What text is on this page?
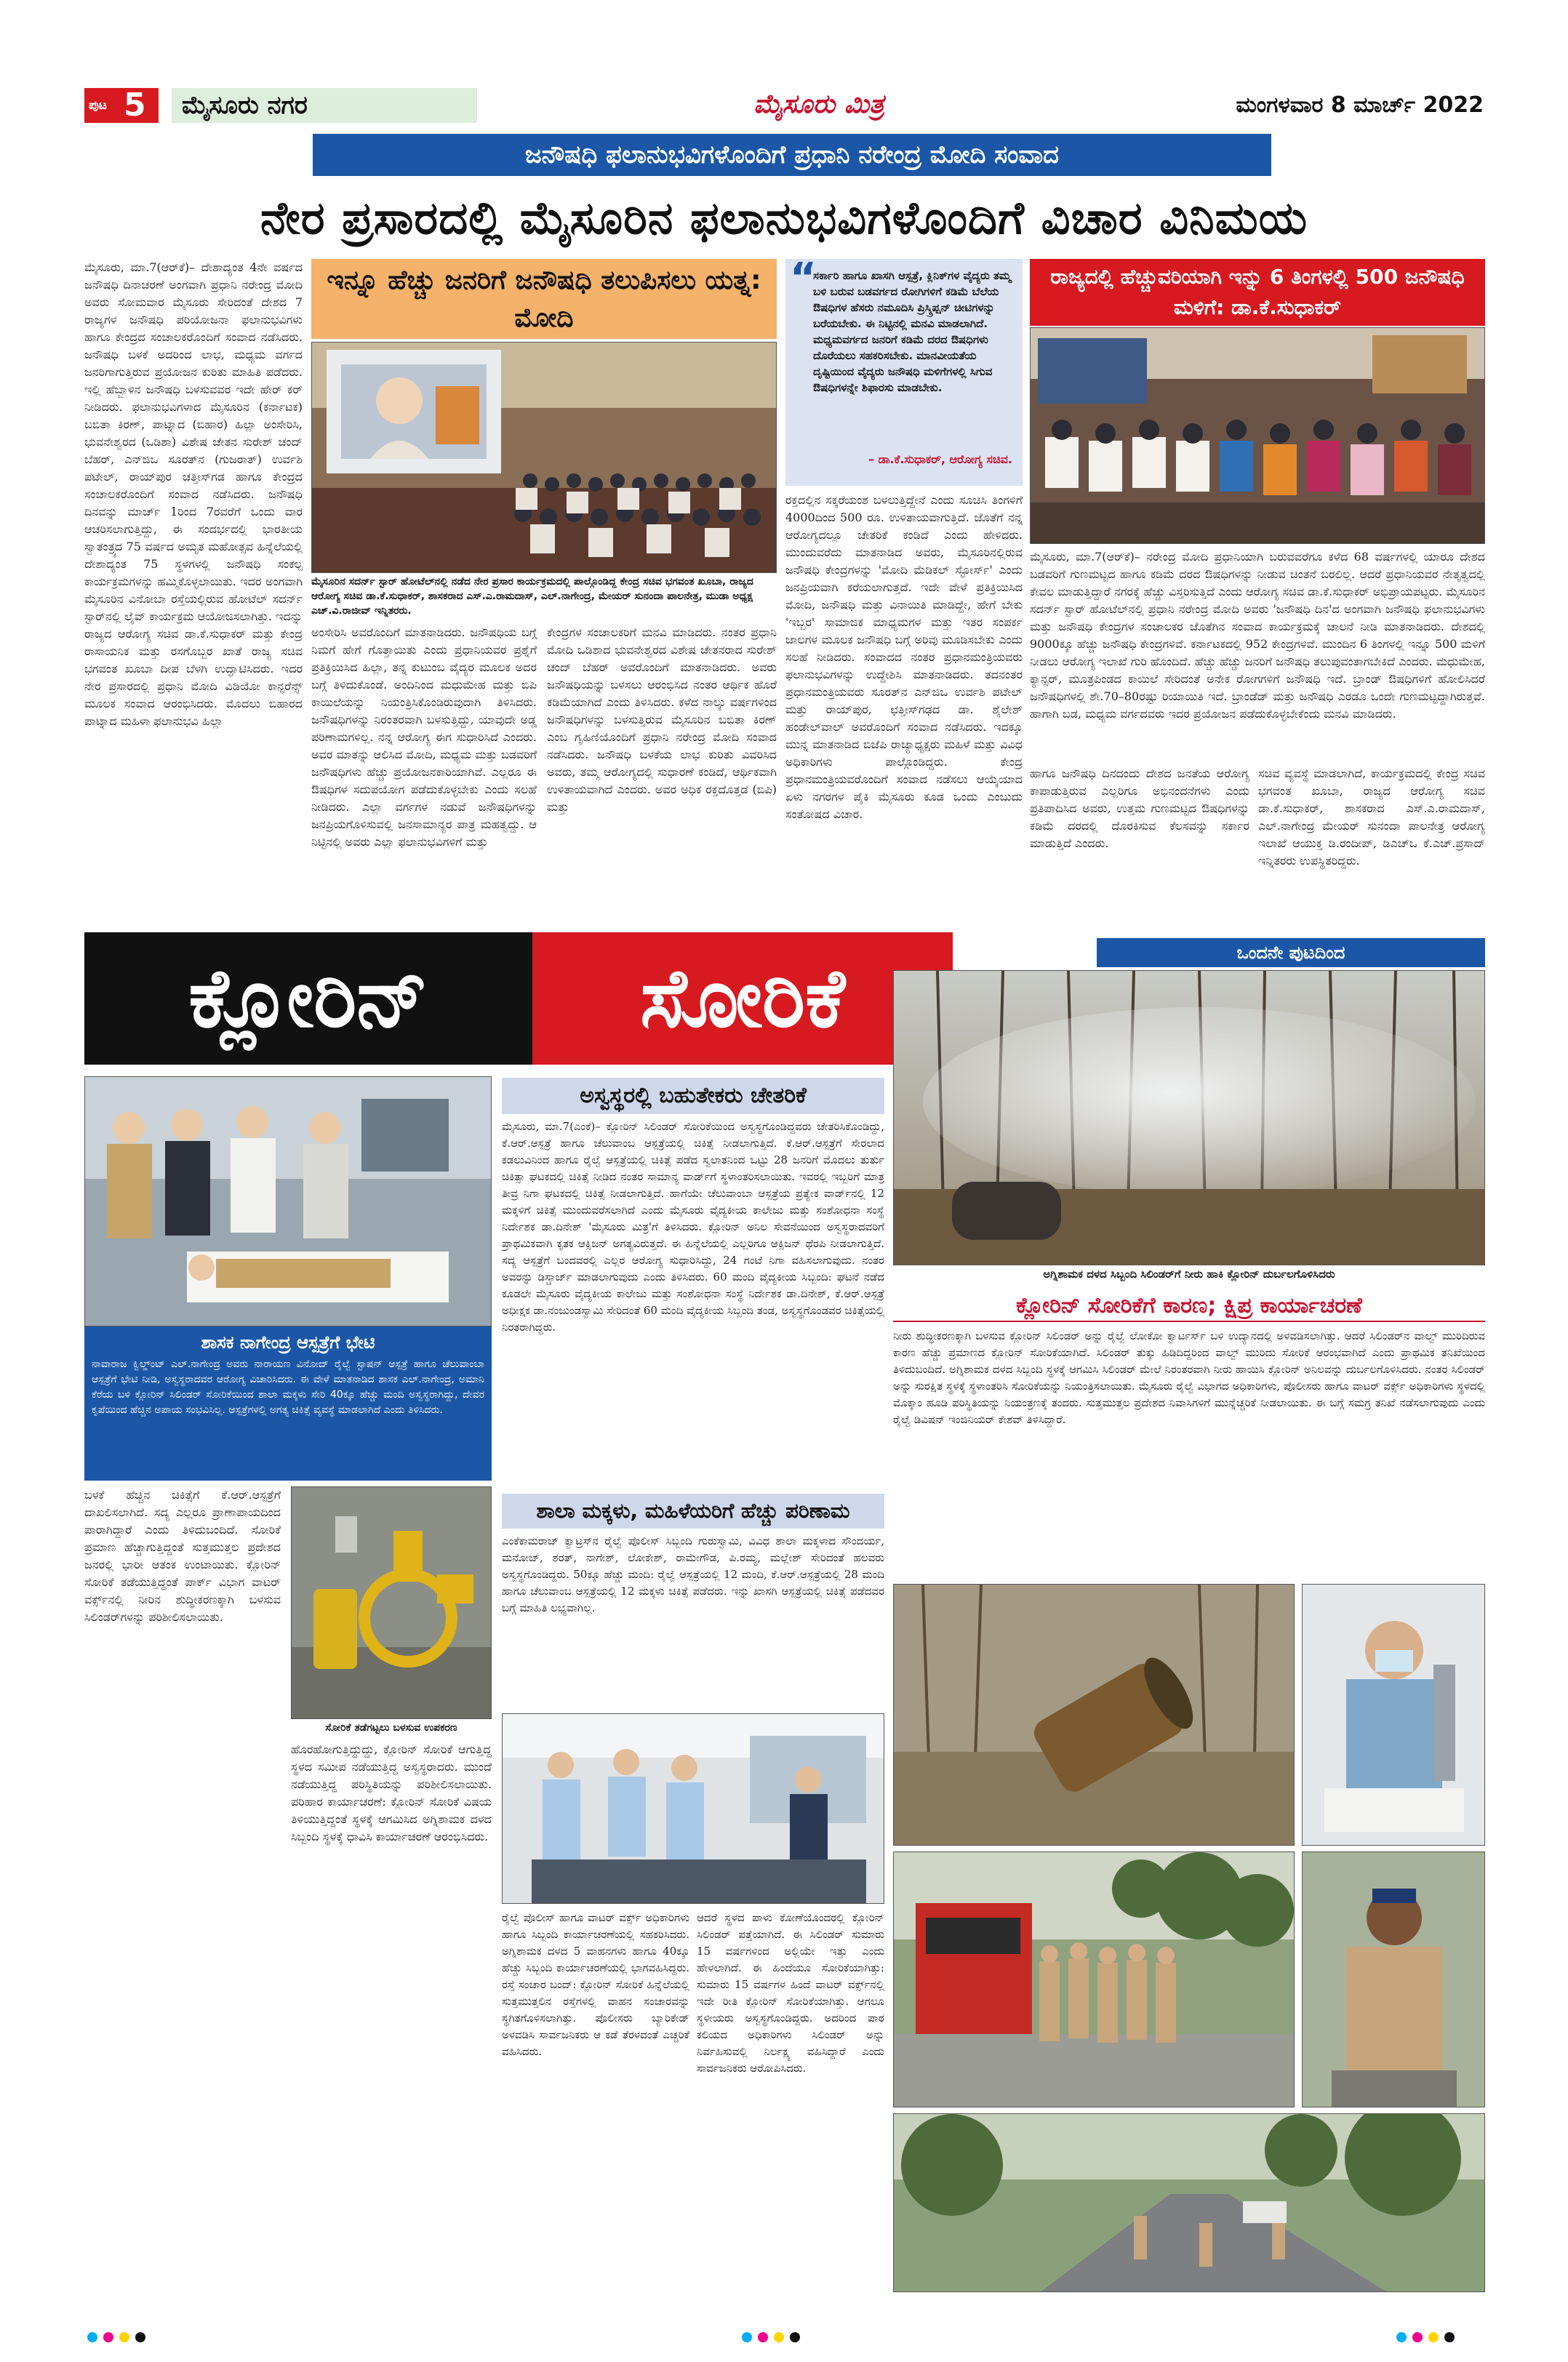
ಪುಟ 5	ಮೈಸೂರು ನಗರ	ಮೈಸೂರು ಮಿತ್ರ	ಮಂಗಳವಾರ 8 ಮಾರ್ಚ್ 2022
ಜನೌಷಧಿ ಫಲಾನುಭವಿಗಳೊಂದಿಗೆ ಪ್ರಧಾನಿ ನರೇಂದ್ರ ಮೋದಿ ಸಂವಾದ
ನೇರ ಪ್ರಸಾರದಲ್ಲಿ ಮೈಸೂರಿನ ಫಲಾನುಭವಿಗಳೊಂದಿಗೆ ವಿಚಾರ ವಿನಿಮಯ
ಮೈಸೂರು, ಮಾ.7(ಆರ್‌ಕೆ)– ದೇಶಾದ್ಯಂತ 4ನೇ ವರ್ಷದ ಜನೌಷಧಿ ದಿನಾಚರಣೆ ಅಂಗವಾಗಿ ಪ್ರಧಾನಿ ನರೇಂದ್ರ ಮೋದಿ ಅವರು ಸೋಮವಾರ ಮೈಸೂರು ಸೇರಿದಂತೆ ದೇಶದ 7 ರಾಜ್ಯಗಳ ಜನೌಷಧಿ ಪರಿಯೋಜನಾ ಫಲಾನುಭವಿಗಳು ಹಾಗೂ ಕೇಂದ್ರದ ಸಂಚಾಲಕರೊಂದಿಗೆ ಸಂವಾದ ನಡೆಸಿದರು. ಜನೌಷಧಿ ಬಳಕೆ ಅದರಿಂದ ಲಾಭ, ಮಧ್ಯಮ ವರ್ಗದ ಜನರಿಗಾಗುತ್ತಿರುವ ಪ್ರಯೋಜನ ಕುರಿತು ಮಾಹಿತಿ ಪಡೆದರು. ಇಲ್ಲಿ ಹೆಬ್ಬಾಳಿನ ಜನೌಷಧಿ ಬಳಸುವವರ ಇದೇ ಹೇರ್ ಕರ್ ನೀಡಿದರು. ಫಲಾನುಭವಿಗಳಾದ ಮೈಸೂರಿನ (ಕರ್ನಾಟಕ) ಬಬಿತಾ ಕಿರಣ್, ಪಾಟ್ನಾದ (ಬಿಹಾರ) ಹಿಲ್ಲಾ ಅಂಸೇರಿಸಿ, ಭುವನೇಶ್ವರದ (ಒಡಿಶಾ) ವಿಶೇಷ ಚೇತನ ಸುರೇಶ್ ಚಂದ್ ಬೆಹರ್, ಎನ್‌ಜಿಒ ಸೂರತ್‌ನ (ಗುಜರಾತ್) ಉರ್ವಶಿ ಪಟೇಲ್, ರಾಯ್‌ಪುರ ಚತ್ತೀಸ್‌ಗಡ ಹಾಗೂ ಕೇಂದ್ರದ ಸಂಚಾಲಕರೊಂದಿಗೆ ಸಂವಾದ ನಡೆಸಿದರು. ಜನೌಷಧಿ ದಿನವನ್ನು ಮಾರ್ಚ್ 1ರಿಂದ 7ರವರೆಗೆ ಒಂದು ವಾರ ಆಚರಿಸಲಾಗುತ್ತಿದ್ದು, ಈ ಸಂದರ್ಭದಲ್ಲಿ ಭಾರತೀಯ ಸ್ವಾತಂತ್ರ್ಯದ 75 ವರ್ಷದ ಅಮೃತ ಮಹೋತ್ಸವ ಹಿನ್ನೆಲೆಯಲ್ಲಿ ದೇಶಾದ್ಯಂತ 75 ಸ್ಥಳಗಳಲ್ಲಿ ಜನೌಷಧಿ ಸಂಕಲ್ಪ ಕಾರ್ಯಕ್ರಮಗಳನ್ನು ಹಮ್ಮಿಕೊಳ್ಳಲಾಯಿತು. ಇದರ ಅಂಗವಾಗಿ ಮೈಸೂರಿನ ವಿನೋಬಾ ರಸ್ತೆಯಲ್ಲಿರುವ ಹೋಟೆಲ್ ಸದರ್ನ್ ಸ್ಟಾರ್‌ನಲ್ಲಿ ಲೈವ್ ಕಾರ್ಯಕ್ರಮ ಆಯೋಜಿಸಲಾಗಿತ್ತು. ಇದನ್ನು ರಾಜ್ಯದ ಆರೋಗ್ಯ ಸಚಿವ ಡಾ.ಕೆ.ಸುಧಾಕರ್ ಮತ್ತು ಕೇಂದ್ರ ರಾಸಾಯನಿಕ ಮತ್ತು ರಸಗೊಬ್ಬರ ಖಾತೆ ರಾಜ್ಯ ಸಚಿವ ಭಗವಂತ ಖೂಬಾ ದೀಪ ಬೆಳಗಿ ಉದ್ಘಾಟಿಸಿದರು. ಇದರ ನೇರ ಪ್ರಸಾರದಲ್ಲಿ ಪ್ರಧಾನಿ ಮೋದಿ ವಿಡಿಯೋ ಕಾನ್ಫರೆನ್ಸ್ ಮೂಲಕ ಸಂವಾದ ಆರಂಭಿಸಿದರು. ಮೊದಲು ಬಿಹಾರದ ಪಾಟ್ನಾದ ಮಹಿಳಾ ಫಲಾನುಭವಿ ಹಿಲ್ಲಾ
ಇನ್ನೂ ಹೆಚ್ಚು ಜನರಿಗೆ ಜನೌಷಧಿ ತಲುಪಿಸಲು ಯತ್ನ: ಮೋದಿ
ಮೈಸೂರಿನ ಸದರ್ನ್ ಸ್ಟಾರ್ ಹೋಟೆಲ್‌ನಲ್ಲಿ ನಡೆದ ನೇರ ಪ್ರಸಾರ ಕಾರ್ಯಕ್ರಮದಲ್ಲಿ ಪಾಲ್ಗೊಂಡಿದ್ದ ಕೇಂದ್ರ ಸಚಿವ ಭಗವಂತ ಖೂಬಾ, ರಾಜ್ಯದ ಆರೋಗ್ಯ ಸಚಿವ ಡಾ.ಕೆ.ಸುಧಾಕರ್, ಶಾಸಕರಾದ ಎಸ್.ಎ.ರಾಮದಾಸ್, ಎಲ್.ನಾಗೇಂದ್ರ, ಮೇಯರ್ ಸುನಂದಾ ಪಾಲನೇತ್ರ, ಮುಡಾ ಅಧ್ಯಕ್ಷ ಎಚ್.ವಿ.ರಾಜೀವ್ ಇನ್ನಿತರರು.
ಅಂಸೇರಿಸಿ ಅವರೊಂದಿಗೆ ಮಾತನಾಡಿದರು. ಜನೌಷಧಿಯ ಬಗ್ಗೆ ನಿಮಗೆ ಹೇಗೆ ಗೊತ್ತಾಯಿತು ಎಂದು ಪ್ರಧಾನಿಯವರ ಪ್ರಶ್ನೆಗೆ ಪ್ರತಿಕ್ರಿಯಿಸಿದ ಹಿಲ್ಲಾ, ತನ್ನ ಕುಟುಂಬ ವೈದ್ಯರ ಮೂಲಕ ಅದರ ಬಗ್ಗೆ ತಿಳಿದುಕೊಂಡೆ. ಅಂದಿನಿಂದ ಮಧುಮೇಹ ಮತ್ತು ಬಿಪಿ ಕಾಯಿಲೆಯನ್ನು ನಿಯಂತ್ರಿಸಿಕೊಂಡಿರುವುದಾಗಿ ತಿಳಿಸಿದರು. ಜನೌಷಧಿಗಳನ್ನು ನಿರಂತರವಾಗಿ ಬಳಸುತ್ತಿದ್ದು, ಯಾವುದೇ ಅಡ್ಡ ಪರಿಣಾಮಗಳಿಲ್ಲ. ನನ್ನ ಆರೋಗ್ಯ ಈಗ ಸುಧಾರಿಸಿದೆ ಎಂದರು. ಅವರ ಮಾತನ್ನು ಆಲಿಸಿದ ಮೋದಿ, ಮಧ್ಯಮ ಮತ್ತು ಬಡವರಿಗೆ ಜನೌಷಧಿಗಳು ಹೆಚ್ಚು ಪ್ರಯೋಜನಕಾರಿಯಾಗಿವೆ. ಎಲ್ಲರೂ ಈ ಔಷಧಿಗಳ ಸದುಪಯೋಗ ಪಡೆದುಕೊಳ್ಳಬೇಕು ಎಂದು ಸಲಹೆ ನೀಡಿದರು. ಎಲ್ಲಾ ವರ್ಗಗಳ ನಡುವೆ ಜನೌಷಧಿಗಳನ್ನು ಜನಪ್ರಿಯಗೊಳಿಸುವಲ್ಲಿ ಜನಸಾಮಾನ್ಯರ ಪಾತ್ರ ಮಹತ್ವದ್ದು. ಆ ನಿಟ್ಟಿನಲ್ಲಿ ಅವರು ಎಲ್ಲಾ ಫಲಾನುಭವಿಗಳಿಗೆ ಮತ್ತು
ಕೇಂದ್ರಗಳ ಸಂಚಾಲಕರಿಗೆ ಮನವಿ ಮಾಡಿದರು. ನಂತರ ಪ್ರಧಾನಿ ಮೋದಿ ಒಡಿಶಾದ ಭುವನೇಶ್ವರದ ವಿಶೇಷ ಚೇತನರಾದ ಸುರೇಶ್ ಚಂದ್ ಬೆಹರ್ ಅವರೊಂದಿಗೆ ಮಾತನಾಡಿದರು. ಅವರು ಜನೌಷಧಿಯನ್ನು ಬಳಸಲು ಆರಂಭಿಸಿದ ನಂತರ ಆರ್ಥಿಕ ಹೊರೆ ಕಡಿಮೆಯಾಗಿದೆ ಎಂದು ತಿಳಿಸಿದರು. ಕಳೆದ ನಾಲ್ಕು ವರ್ಷಗಳಿಂದ ಜನೌಷಧಿಗಳನ್ನು ಬಳಸುತ್ತಿರುವ ಮೈಸೂರಿನ ಬಬಿತಾ ಕಿರಣ್ ಎಂಬ ಗೃಹಿಣಿಯೊಂದಿಗೆ ಪ್ರಧಾನಿ ನರೇಂದ್ರ ಮೋದಿ ಸಂವಾದ ನಡೆಸಿದರು. ಜನೌಷಧಿ ಬಳಕೆಯ ಲಾಭ ಕುರಿತು ವಿವರಿಸಿದ ಅವರು, ತಮ್ಮ ಆರೋಗ್ಯದಲ್ಲಿ ಸುಧಾರಣೆ ಕಂಡಿದೆ, ಆರ್ಥಿಕವಾಗಿ ಉಳಿತಾಯವಾಗಿದೆ ಎಂದರು. ಅವರ ಅಧಿಕ ರಕ್ತದೊತ್ತಡ (ಬಿಪಿ) ಮತ್ತು
“
ಸರ್ಕಾರಿ ಹಾಗೂ ಖಾಸಗಿ ಆಸ್ಪತ್ರೆ, ಕ್ಲಿನಿಕ್‌ಗಳ ವೈದ್ಯರು ತಮ್ಮ ಬಳಿ ಬರುವ ಬಡವರ್ಗದ ರೋಗಿಗಳಿಗೆ ಕಡಿಮೆ ಬೆಲೆಯ ಔಷಧಿಗಳ ಹೆಸರು ನಮೂದಿಸಿ ಪ್ರಿಸ್ಕ್ರಿಪ್ಷನ್ ಚೀಟಿಗಳನ್ನು ಬರೆಯಬೇಕು. ಈ ನಿಟ್ಟಿನಲ್ಲಿ ಮನವಿ ಮಾಡಲಾಗಿದೆ. ಮಧ್ಯಮವರ್ಗದ ಜನರಿಗೆ ಕಡಿಮೆ ದರದ ಔಷಧಿಗಳು ದೊರೆಯಲು ಸಹಕರಿಸಬೇಕು. ಮಾನವೀಯತೆಯ ದೃಷ್ಟಿಯಿಂದ ವೈದ್ಯರು ಜನೌಷಧಿ ಮಳಿಗೆಗಳಲ್ಲಿ ಸಿಗುವ ಔಷಧಿಗಳನ್ನೇ ಶಿಫಾರಸು ಮಾಡಬೇಕು.
– ಡಾ.ಕೆ.ಸುಧಾಕರ್, ಆರೋಗ್ಯ ಸಚಿವ.
ರಕ್ತದಲ್ಲಿನ ಸಕ್ಕರೆಯಂಶ ಬಳಲುತ್ತಿದ್ದೇನೆ ಎಂದು ಸೂಚಿಸಿ ತಿಂಗಳಿಗೆ 4000ದಿಂದ 500 ರೂ. ಉಳಿತಾಯವಾಗುತ್ತಿದೆ. ಜೊತೆಗೆ ನನ್ನ ಆರೋಗ್ಯದಲ್ಲೂ ಚೇತರಿಕೆ ಕಂಡಿದೆ ಎಂದು ಹೇಳಿದರು. ಮುಂದುವರೆದು ಮಾತನಾಡಿದ ಅವರು, ಮೈಸೂರಿನಲ್ಲಿರುವ ಜನೌಷಧಿ ಕೇಂದ್ರಗಳನ್ನು 'ಮೋದಿ ಮೆಡಿಕಲ್ ಸ್ಟೋರ್ಸ್' ಎಂದು ಜನಪ್ರಿಯವಾಗಿ ಕರೆಯಲಾಗುತ್ತದೆ. ಇದೇ ವೇಳೆ ಪ್ರತಿಕ್ರಿಯಿಸಿದ ಮೋದಿ, ಜನೌಷಧಿ ಮತ್ತು ವಿನಾಯಿತಿ ಮಾಡಿದ್ದೇ, ಹೇಗೆ ಬೇಕು 'ಇಬ್ಬರ' ಸಾಮಾಜಿಕ ಮಾಧ್ಯಮಗಳ ಮತ್ತು ಇತರ ಸಂಪರ್ಕ ಜಾಲಗಳ ಮೂಲಕ ಜನೌಷಧಿ ಬಗ್ಗೆ ಅರಿವು ಮೂಡಿಸಬೇಕು ಎಂದು ಸಲಹೆ ನೀಡಿದರು. ಸಂವಾದದ ನಂತರ ಪ್ರಧಾನಮಂತ್ರಿಯವರು ಫಲಾನುಭವಿಗಳನ್ನು ಉದ್ದೇಶಿಸಿ ಮಾತನಾಡಿದರು. ತದನಂತರ ಪ್ರಧಾನಮಂತ್ರಿಯವರು ಸೂರತ್‌ನ ಎನ್‌ಜಿಒ ಉರ್ವಶಿ ಪಟೇಲ್ ಮತ್ತು ರಾಯ್‌ಪುರ, ಛತ್ತೀಸ್‌ಗಢದ ಡಾ. ಶೈಲೇಶ್ ಹಂಡೇಲ್‌ವಾಲ್ ಅವರೊಂದಿಗೆ ಸಂವಾದ ನಡೆಸಿದರು. ಇದಕ್ಕೂ ಮುನ್ನ ಮಾತನಾಡಿದ ಬಿಜೆಪಿ ರಾಜ್ಯಾಧ್ಯಕ್ಷರು ಮಹಿಳೆ ಮತ್ತು ವಿವಿಧ ಅಧಿಕಾರಿಗಳು ಪಾಲ್ಗೊಂಡಿದ್ದರು. ಕೇಂದ್ರ ಪ್ರಧಾನಮಂತ್ರಿಯವರೊಂದಿಗೆ ಸಂವಾದ ನಡೆಸಲು ಆಯ್ಕೆಯಾದ ಏಳು ನಗರಗಳ ಪೈಕಿ ಮೈಸೂರು ಕೂಡ ಒಂದು ಎಂಬುದು ಸಂತೋಷದ ವಿಚಾರ.
ರಾಜ್ಯದಲ್ಲಿ ಹೆಚ್ಚುವರಿಯಾಗಿ ಇನ್ನು 6 ತಿಂಗಳಲ್ಲಿ 500 ಜನೌಷಧಿ ಮಳಿಗೆ: ಡಾ.ಕೆ.ಸುಧಾಕರ್
ಮೈಸೂರು, ಮಾ.7(ಆರ್‌ಕೆ)– ನರೇಂದ್ರ ಮೋದಿ ಪ್ರಧಾನಿಯಾಗಿ ಬರುವವರೆಗೂ ಕಳೆದ 68 ವರ್ಷಗಳಲ್ಲಿ ಯಾರೂ ದೇಶದ ಬಡವರಿಗೆ ಗುಣಮಟ್ಟದ ಹಾಗೂ ಕಡಿಮೆ ದರದ ಔಷಧಿಗಳನ್ನು ನೀಡುವ ಚಿಂತನೆ ಬರಲಿಲ್ಲ. ಆದರೆ ಪ್ರಧಾನಿಯವರ ನೇತೃತ್ವದಲ್ಲಿ ಕೇವಲ ಮಾಡುತ್ತಿದ್ದಾರೆ ನಗರಕ್ಕೆ ಹೆಚ್ಚು ವಿಸ್ತರಿಸುತ್ತಿದೆ ಎಂದು ಆರೋಗ್ಯ ಸಚಿವ ಡಾ.ಕೆ.ಸುಧಾಕರ್ ಅಭಿಪ್ರಾಯಪಟ್ಟರು. ಮೈಸೂರಿನ ಸದರ್ನ್ ಸ್ಟಾರ್ ಹೋಟೆಲ್‌ನಲ್ಲಿ ಪ್ರಧಾನಿ ನರೇಂದ್ರ ಮೋದಿ ಅವರು 'ಜನೌಷಧಿ ದಿನ'ದ ಅಂಗವಾಗಿ ಜನೌಷಧಿ ಫಲಾನುಭವಿಗಳು ಮತ್ತು ಜನೌಷಧಿ ಕೇಂದ್ರಗಳ ಸಂಚಾಲಕರ ಜೊತೆಗಿನ ಸಂವಾದ ಕಾರ್ಯಕ್ರಮಕ್ಕೆ ಚಾಲನೆ ನೀಡಿ ಮಾತನಾಡಿದರು. ದೇಶದಲ್ಲಿ 9000ಕ್ಕೂ ಹೆಚ್ಚು ಜನೌಷಧಿ ಕೇಂದ್ರಗಳಿವೆ. ಕರ್ನಾಟಕದಲ್ಲಿ 952 ಕೇಂದ್ರಗಳಿವೆ. ಮುಂದಿನ 6 ತಿಂಗಳಲ್ಲಿ ಇನ್ನೂ 500 ಮಳಿಗೆ ನೀಡಲು ಆರೋಗ್ಯ ಇಲಾಖೆ ಗುರಿ ಹೊಂದಿದೆ. ಹೆಚ್ಚು ಹೆಚ್ಚು ಜನರಿಗೆ ಜನೌಷಧಿ ತಲುಪುವಂತಾಗಬೇಕಿದೆ ಎಂದರು. ಮಧುಮೇಹ, ಕ್ಯಾನ್ಸರ್, ಮೂತ್ರಪಿಂಡದ ಕಾಯಿಲೆ ಸೇರಿದಂತೆ ಅನೇಕ ರೋಗಗಳಿಗೆ ಜನೌಷಧಿ ಇದೆ. ಬ್ರಾಂಡ್ ಔಷಧಿಗಳಿಗೆ ಹೋಲಿಸಿದರೆ ಜನೌಷಧಿಗಳಲ್ಲಿ ಶೇ.70–80ರಷ್ಟು ರಿಯಾಯಿತಿ ಇದೆ. ಬ್ರಾಂಡೆಡ್ ಮತ್ತು ಜನೌಷಧಿ ಎರಡೂ ಒಂದೇ ಗುಣಮಟ್ಟದ್ದಾಗಿರುತ್ತವೆ. ಹಾಗಾಗಿ ಬಡ, ಮಧ್ಯಮ ವರ್ಗದವರು ಇದರ ಪ್ರಯೋಜನ ಪಡೆದುಕೊಳ್ಳಬೇಕೆಂದು ಮನವಿ ಮಾಡಿದರು.
ಹಾಗೂ ಜನೌಷಧಿ ದಿನದಂದು ದೇಶದ ಜನತೆಯ ಆರೋಗ್ಯ ಕಾಪಾಡುತ್ತಿರುವ ಎಲ್ಲರಿಗೂ ಅಭಿನಂದನೆಗಳು ಎಂದು ಪ್ರತಿಪಾದಿಸಿದ ಅವರು, ಉತ್ತಮ ಗುಣಮಟ್ಟದ ಔಷಧಿಗಳನ್ನು ಕಡಿಮೆ ದರದಲ್ಲಿ ದೊರಕಿಸುವ ಕೆಲಸವನ್ನು ಸರ್ಕಾರ ಮಾಡುತ್ತಿದೆ ಎಂದರು.
ಸಚಿವ ವ್ಯವಸ್ಥೆ ಮಾಡಲಾಗಿದೆ, ಕಾರ್ಯಕ್ರಮದಲ್ಲಿ ಕೇಂದ್ರ ಸಚಿವ ಭಗವಂತ ಖೂಬಾ, ರಾಜ್ಯದ ಆರೋಗ್ಯ ಸಚಿವ ಡಾ.ಕೆ.ಸುಧಾಕರ್, ಶಾಸಕರಾದ ಎಸ್.ಎ.ರಾಮದಾಸ್, ಎಲ್.ನಾಗೇಂದ್ರ ಮೇಯರ್ ಸುನಂದಾ ಪಾಲನೇತ್ರ ಆರೋಗ್ಯ ಇಲಾಖೆ ಆಯುಕ್ತ ಡಿ.ರಂದೀಪ್, ಡಿಎಚ್‌ಒ ಕೆ.ಎಚ್.ಪ್ರಸಾದ್ ಇನ್ನಿತರರು ಉಪಸ್ಥಿತರಿದ್ದರು.
ಕ್ಲೋರಿನ್	ಸೋರಿಕೆ	ಒಂದನೇ ಪುಟದಿಂದ
ಅಗ್ನಿಶಾಮಕ ದಳದ ಸಿಬ್ಬಂದಿ ಸಿಲಿಂಡರ್‌ಗೆ ನೀರು ಹಾಕಿ ಕ್ಲೋರಿನ್ ದುರ್ಬಲಗೊಳಿಸಿದರು
ಶಾಸಕ ನಾಗೇಂದ್ರ ಆಸ್ಪತ್ರೆಗೆ ಭೇಟಿ
ನಾವಾರಾಜ ಕ್ವಿಲ್ಡ್‌ಂಟ್ ಎಲ್.ನಾಗೇಂದ್ರ ಅವರು ನಾರಾಯಣ ವಿನೋದ್ ರೈಲ್ವೆ ಸ್ಟಾಷನ್ ಆಸ್ಪತ್ರೆ ಹಾಗೂ ಚೆಲುವಾಂಬಾ ಆಸ್ಪತ್ರೆಗೆ ಭೇಟಿ ನೀಡಿ, ಅಸ್ವಸ್ಥರಾದವರ ಆರೋಗ್ಯ ವಿಚಾರಿಸಿದರು. ಈ ವೇಳೆ ಮಾತನಾಡಿದ ಶಾಸಕ ಎಲ್.ನಾಗೇಂದ್ರ, ಅಮಾನಿ ಕೆರೆಯ ಬಳಿ ಕ್ಲೋರಿನ್ ಸಿಲಿಂಡರ್ ಸೋರಿಕೆಯಿಂದ ಶಾಲಾ ಮಕ್ಕಳು ಸೇರಿ 40ಕ್ಕೂ ಹೆಚ್ಚು ಮಂದಿ ಅಸ್ವಸ್ಥರಾಗಿದ್ದು, ದೇವರ ಕೃಪೆಯಿಂದ ಹೆಚ್ಚಿನ ಅಪಾಯ ಸಂಭವಿಸಿಲ್ಲ. ಆಸ್ಪತ್ರೆಗಳಲ್ಲಿ ಅಗತ್ಯ ಚಿಕಿತ್ಸೆ ವ್ಯವಸ್ಥೆ ಮಾಡಲಾಗಿದೆ ಎಂದು ತಿಳಿಸಿದರು.
ಅಸ್ವಸ್ಥರಲ್ಲಿ ಬಹುತೇಕರು ಚೇತರಿಕೆ
ಮೈಸೂರು, ಮಾ.7(ಎಂಕೆ)– ಕ್ಲೋರಿನ್ ಸಿಲಿಂಡರ್ ಸೋರಿಕೆಯಿಂದ ಅಸ್ವಸ್ಥಗೊಂಡಿದ್ದವರು ಚೇತರಿಸಿಕೊಂಡಿದ್ದು, ಕೆ.ಆರ್.ಆಸ್ಪತ್ರೆ ಹಾಗೂ ಚೆಲುವಾಂಬ ಆಸ್ಪತ್ರೆಯಲ್ಲಿ ಚಿಕಿತ್ಸೆ ನೀಡಲಾಗುತ್ತಿದೆ. ಕೆ.ಆರ್.ಆಸ್ಪತ್ರೆಗೆ ಸೇರಲಾದ ಕಡಲುವಿನಿಂದ ಹಾಗೂ ರೈಲ್ವೆ ಆಸ್ಪತ್ರೆಯಲ್ಲಿ ಚಿಕಿತ್ಸೆ ಪಡೆದ ಸ್ವಲಾತನಿಂದ ಒಟ್ಟು 28 ಜನರಿಗೆ ಮೊದಲು ತುರ್ತು ಚಿಕಿತ್ಸಾ ಘಟಕದಲ್ಲಿ ಚಿಕಿತ್ಸೆ ನೀಡಿದ ನಂತರ ಸಾಮಾನ್ಯ ವಾರ್ಡ್‌ಗೆ ಸ್ಥಳಾಂತರಿಸಲಾಯಿತು. ಇವರಲ್ಲಿ ಇಬ್ಬರಿಗೆ ಮಾತ್ರ ತೀವ್ರ ನಿಗಾ ಘಟಕದಲ್ಲಿ ಚಿಕಿತ್ಸೆ ನೀಡಲಾಗುತ್ತಿದೆ. ಹಾಗೆಯೇ ಚೆಲುವಾಂಬಾ ಆಸ್ಪತ್ರೆಯ ಪ್ರತ್ಯೇಕ ವಾರ್ಡ್‌ನಲ್ಲಿ 12 ಮಕ್ಕಳಿಗೆ ಚಿಕಿತ್ಸೆ ಮುಂದುವರೆಸಲಾಗಿದೆ ಎಂದು ಮೈಸೂರು ವೈದ್ಯಕೀಯ ಕಾಲೇಜು ಮತ್ತು ಸಂಶೋಧನಾ ಸಂಸ್ಥೆ ನಿರ್ದೇಶಕ ಡಾ.ದಿನೇಶ್ 'ಮೈಸೂರು ಮಿತ್ರ'ಗೆ ತಿಳಿಸಿದರು. ಕ್ಲೋರಿನ್ ಅನಿಲ ಸೇವನೆಯಿಂದ ಅಸ್ವಸ್ಥರಾದವರಿಗೆ ಪ್ರಾಥಮಿಕವಾಗಿ ಕೃತಕ ಆಕ್ಸಿಜನ್ ಅಗತ್ಯವಿರುತ್ತದೆ. ಈ ಹಿನ್ನೆಲೆಯಲ್ಲಿ ಎಲ್ಲರಿಗೂ ಆಕ್ಸಿಜನ್ ಥೆರಪಿ ನೀಡಲಾಗುತ್ತಿದೆ. ಸದ್ಯ ಆಸ್ಪತ್ರೆಗೆ ಬಂದವರಲ್ಲಿ ಎಲ್ಲರ ಆರೋಗ್ಯ ಸುಧಾರಿಸಿದ್ದು, 24 ಗಂಟೆ ನಿಗಾ ವಹಿಸಲಾಗುವುದು. ನಂತರ ಅವರನ್ನು ಡಿಸ್ಚಾರ್ಜ್ ಮಾಡಲಾಗುವುದು ಎಂದು ತಿಳಿಸಿದರು. 60 ಮಂದಿ ವೈದ್ಯಕೀಯ ಸಿಬ್ಬಂದಿ: ಘಟನೆ ನಡೆದ ಕೂಡಲೇ ಮೈಸೂರು ವೈದ್ಯಕೀಯ ಕಾಲೇಜು ಮತ್ತು ಸಂಶೋಧನಾ ಸಂಸ್ಥೆ ನಿರ್ದೇಶಕ ಡಾ.ದಿನೇಶ್, ಕೆ.ಆರ್.ಆಸ್ಪತ್ರೆ ಅಧೀಕ್ಷಕ ಡಾ.ನಂಜುಂಡಸ್ವಾಮಿ ಸೇರಿದಂತೆ 60 ಮಂದಿ ವೈದ್ಯಕೀಯ ಸಿಬ್ಬಂದಿ ತಂಡ, ಅಸ್ವಸ್ಥಗೊಂಡವರ ಚಿಕಿತ್ಸೆಯಲ್ಲಿ ನಿರತರಾಗಿದ್ದರು.
ಕ್ಲೋರಿನ್ ಸೋರಿಕೆಗೆ ಕಾರಣ; ಕ್ಷಿಪ್ರ ಕಾರ್ಯಾಚರಣೆ
ನೀರು ಶುದ್ಧೀಕರಣಕ್ಕಾಗಿ ಬಳಸುವ ಕ್ಲೋರಿನ್ ಸಿಲಿಂಡರ್ ಅನ್ನು ರೈಲ್ವೆ ಲೋಕೋ ಕ್ವಾರ್ಟರ್ಸ್ ಬಳಿ ಉದ್ಯಾನದಲ್ಲಿ ಅಳವಡಿಸಲಾಗಿತ್ತು. ಆದರೆ ಸಿಲಿಂಡರ್‌ನ ವಾಲ್ವ್ ಮುರಿದಿರುವ ಕಾರಣ ಹೆಚ್ಚು ಪ್ರಮಾಣದ ಕ್ಲೋರಿನ್ ಸೋರಿಕೆಯಾಗಿದೆ. ಸಿಲಿಂಡರ್ ತುಕ್ಕು ಹಿಡಿದಿದ್ದರಿಂದ ವಾಲ್ವ್ ಮುರಿದು ಸೋರಿಕೆ ಆರಂಭವಾಗಿದೆ ಎಂದು ಪ್ರಾಥಮಿಕ ತನಿಖೆಯಿಂದ ತಿಳಿದುಬಂದಿದೆ. ಅಗ್ನಿಶಾಮಕ ದಳದ ಸಿಬ್ಬಂದಿ ಸ್ಥಳಕ್ಕೆ ಆಗಮಿಸಿ ಸಿಲಿಂಡರ್ ಮೇಲೆ ನಿರಂತರವಾಗಿ ನೀರು ಹಾಯಿಸಿ ಕ್ಲೋರಿನ್ ಅನಿಲವನ್ನು ದುರ್ಬಲಗೊಳಿಸಿದರು. ನಂತರ ಸಿಲಿಂಡರ್ ಅನ್ನು ಸುರಕ್ಷಿತ ಸ್ಥಳಕ್ಕೆ ಸ್ಥಳಾಂತರಿಸಿ ಸೋರಿಕೆಯನ್ನು ನಿಯಂತ್ರಿಸಲಾಯಿತು. ಮೈಸೂರು ರೈಲ್ವೆ ವಿಭಾಗದ ಅಧಿಕಾರಿಗಳು, ಪೊಲೀಸರು ಹಾಗೂ ವಾಟರ್ ವರ್ಕ್ಸ್ ಅಧಿಕಾರಿಗಳು ಸ್ಥಳದಲ್ಲಿ ಮೊಕ್ಕಾಂ ಹೂಡಿ ಪರಿಸ್ಥಿತಿಯನ್ನು ನಿಯಂತ್ರಣಕ್ಕೆ ತಂದರು. ಸುತ್ತಮುತ್ತಲ ಪ್ರದೇಶದ ನಿವಾಸಿಗಳಿಗೆ ಮುನ್ನೆಚ್ಚರಿಕೆ ನೀಡಲಾಯಿತು. ಈ ಬಗ್ಗೆ ಸಮಗ್ರ ತನಿಖೆ ನಡೆಸಲಾಗುವುದು ಎಂದು ರೈಲ್ವೆ ಡಿವಿಷನ್ ಇಂಜಿನಿಯರ್ ಕೇಶವ್ ತಿಳಿಸಿದ್ದಾರೆ.
ಶಾಲಾ ಮಕ್ಕಳು, ಮಹಿಳೆಯರಿಗೆ ಹೆಚ್ಚು ಪರಿಣಾಮ
ಎಂಕೆಕಾಮರಾಜ್ ಕ್ವಾಟ್ರಸ್‌ನ ರೈಲ್ವೆ ಪೊಲೀಸ್ ಸಿಬ್ಬಂದಿ ಗುರುಸ್ವಾಮಿ, ವಿವಿಧ ಶಾಲಾ ಮಕ್ಕಳಾದ ಸೌಂದರ್ಯ, ಮನೋಜ್, ಶರತ್, ನಾಗೇಶ್, ಲೋಕೇಶ್, ರಾಮೇಗೌಡ, ಪಿ.ರಮ್ಯ, ಮಲ್ಲೇಶ್ ಸೇರಿದಂತೆ ಹಲವರು ಅಸ್ವಸ್ಥಗೊಂಡಿದ್ದರು. 50ಕ್ಕೂ ಹೆಚ್ಚು ಮಂದಿ: ರೈಲ್ವೆ ಆಸ್ಪತ್ರೆಯಲ್ಲಿ 12 ಮಂದಿ, ಕೆ.ಆರ್.ಆಸ್ಪತ್ರೆಯಲ್ಲಿ 28 ಮಂದಿ ಹಾಗೂ ಚೆಲುವಾಂಬ ಆಸ್ಪತ್ರೆಯಲ್ಲಿ 12 ಮಕ್ಕಳು ಚಿಕಿತ್ಸೆ ಪಡೆದರು. ಇನ್ನು ಖಾಸಗಿ ಆಸ್ಪತ್ರೆಯಲ್ಲಿ ಚಿಕಿತ್ಸೆ ಪಡೆದವರ ಬಗ್ಗೆ ಮಾಹಿತಿ ಲಭ್ಯವಾಗಿಲ್ಲ.
ಬಳಕೆ ಹೆಚ್ಚಿನ ಚಿಕಿತ್ಸೆಗೆ ಕೆ.ಆರ್.ಆಸ್ಪತ್ರೆಗೆ ದಾಖಲಿಸಲಾಗಿದೆ. ಸದ್ಯ ಎಲ್ಲರೂ ಪ್ರಾಣಾಪಾಯದಿಂದ ಪಾರಾಗಿದ್ದಾರೆ ಎಂದು ತಿಳಿದುಬಂದಿದೆ. ಸೋರಿಕೆ ಪ್ರಮಾಣ ಹೆಚ್ಚಾಗುತ್ತಿದ್ದಂತೆ ಸುತ್ತಮುತ್ತಲ ಪ್ರದೇಶದ ಜನರಲ್ಲಿ ಭಾರೀ ಆತಂಕ ಉಂಟಾಯಿತು. ಕ್ಲೋರಿನ್ ಸೋರಿಕೆ ತಡೆಯುತ್ತಿದ್ದಂತೆ ಪಾರ್ಕ್ ವಿಭಾಗ ವಾಟರ್ ವರ್ಕ್ಸ್‌ನಲ್ಲಿ ನೀರಿನ ಶುದ್ಧೀಕರಣಕ್ಕಾಗಿ ಬಳಸುವ ಸಿಲಿಂಡರ್‌ಗಳನ್ನು ಪರಿಶೀಲಿಸಲಾಯಿತು.
ಸೋರಿಕೆ ತಡೆಗಟ್ಟಲು ಬಳಸುವ ಉಪಕರಣ
ಹೊರಹೋಗುತ್ತಿದ್ದುದ್ದು, ಕ್ಲೋರಿನ್ ಸೋರಿಕೆ ಆಗುತ್ತಿದ್ದ ಸ್ಥಳದ ಸಮೀಪ ನಡೆಯುತ್ತಿದ್ದ ಅಸ್ವಸ್ಥರಾದರು. ಮುಂದೆ ನಡೆಯುತ್ತಿದ್ದ ಪರಿಸ್ಥಿತಿಯನ್ನು ಪರಿಶೀಲಿಸಲಾಯಿತು. ಪರಿಹಾರ ಕಾರ್ಯಾಚರಣೆ: ಕ್ಲೋರಿನ್ ಸೋರಿಕೆ ವಿಷಯ ತಿಳಿಯುತ್ತಿದ್ದಂತೆ ಸ್ಥಳಕ್ಕೆ ಆಗಮಿಸಿದ ಅಗ್ನಿಶಾಮಕ ದಳದ ಸಿಬ್ಬಂದಿ ಸ್ಥಳಕ್ಕೆ ಧಾವಿಸಿ ಕಾರ್ಯಾಚರಣೆ ಆರಂಭಿಸಿದರು.
ರೈಲ್ವೆ ಪೊಲೀಸ್ ಹಾಗೂ ವಾಟರ್ ವರ್ಕ್ಸ್ ಅಧಿಕಾರಿಗಳು ಹಾಗೂ ಸಿಬ್ಬಂದಿ ಕಾರ್ಯಾಚರಣೆಯಲ್ಲಿ ಸಹಕರಿಸಿದರು. ಅಗ್ನಿಶಾಮಕ ದಳದ 5 ವಾಹನಗಳು ಹಾಗೂ 40ಕ್ಕೂ ಹೆಚ್ಚು ಸಿಬ್ಬಂದಿ ಕಾರ್ಯಾಚರಣೆಯಲ್ಲಿ ಭಾಗವಹಿಸಿದ್ದರು. ರಸ್ತೆ ಸಂಚಾರ ಬಂದ್: ಕ್ಲೋರಿನ್ ಸೋರಿಕೆ ಹಿನ್ನೆಲೆಯಲ್ಲಿ ಸುತ್ತಮುತ್ತಲಿನ ರಸ್ತೆಗಳಲ್ಲಿ ವಾಹನ ಸಂಚಾರವನ್ನು ಸ್ಥಗಿತಗೊಳಿಸಲಾಗಿತ್ತು. ಪೊಲೀಸರು ಬ್ಯಾರಿಕೇಡ್ ಅಳವಡಿಸಿ ಸಾರ್ವಜನಿಕರು ಆ ಕಡೆ ತೆರಳದಂತೆ ಎಚ್ಚರಿಕೆ ವಹಿಸಿದರು.
ಆದರೆ ಸ್ಥಳದ ಪಾಳು ಕೋಣೆಯೊಂದರಲ್ಲಿ ಕ್ಲೋರಿನ್ ಸಿಲಿಂಡರ್ ಪತ್ತೆಯಾಗಿದೆ. ಈ ಸಿಲಿಂಡರ್ ಸುಮಾರು 15 ವರ್ಷಗಳಿಂದ ಅಲ್ಲಿಯೇ ಇತ್ತು ಎಂದು ಹೇಳಲಾಗಿದೆ. ಈ ಹಿಂದೆಯೂ ಸೋರಿಕೆಯಾಗಿತ್ತು: ಸುಮಾರು 15 ವರ್ಷಗಳ ಹಿಂದೆ ವಾಟರ್ ವರ್ಕ್ಸ್‌ನಲ್ಲಿ ಇದೇ ರೀತಿ ಕ್ಲೋರಿನ್ ಸೋರಿಕೆಯಾಗಿತ್ತು. ಆಗಲೂ ಸ್ಥಳೀಯರು ಅಸ್ವಸ್ಥಗೊಂಡಿದ್ದರು. ಅದರಿಂದ ಪಾಠ ಕಲಿಯದ ಅಧಿಕಾರಿಗಳು ಸಿಲಿಂಡರ್ ಅನ್ನು ನಿರ್ವಹಿಸುವಲ್ಲಿ ನಿರ್ಲಕ್ಷ್ಯ ವಹಿಸಿದ್ದಾರೆ ಎಂದು ಸಾರ್ವಜನಿಕರು ಆರೋಪಿಸಿದರು.
